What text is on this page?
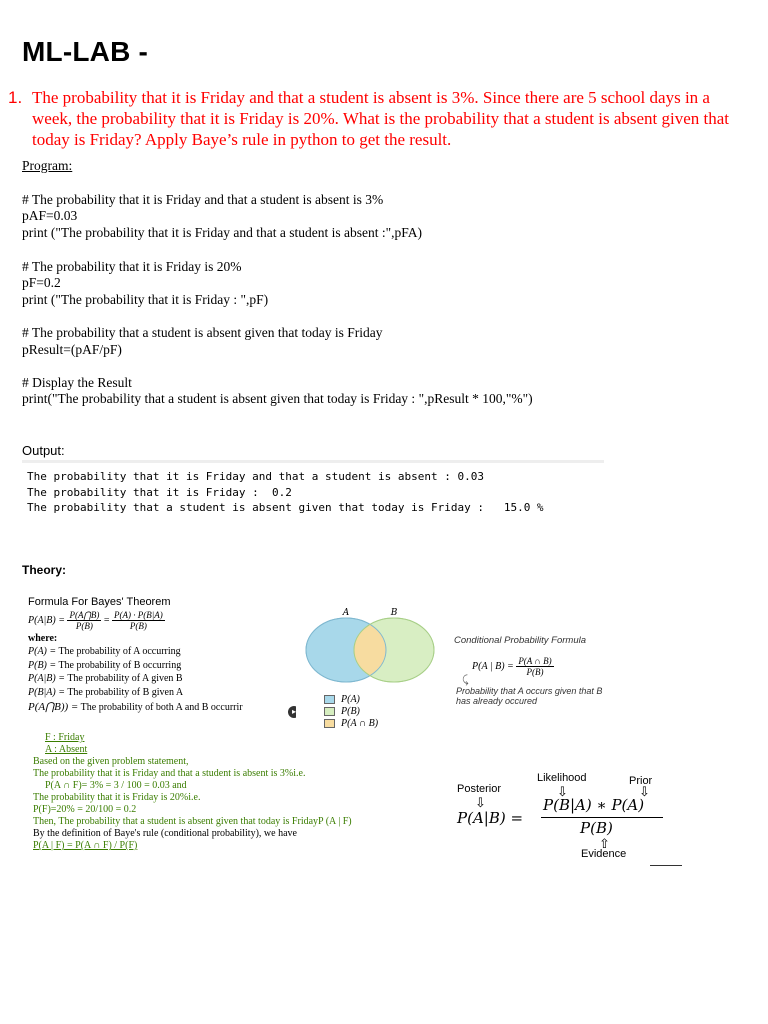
ML-LAB -
1. The probability that it is Friday and that a student is absent is 3%. Since there are 5 school days in a week, the probability that it is Friday is 20%. What is the probability that a student is absent given that today is Friday? Apply Baye’s rule in python to get the result.
Program:
# The probability that it is Friday and that a student is absent is 3%
pAF=0.03
print ("The probability that it is Friday and that a student is absent :",pFA)
# The probability that it is Friday is 20%
pF=0.2
print ("The probability that it is Friday : ",pF)
# The probability that a student is absent given that today is Friday
pResult=(pAF/pF)
# Display the Result
print("The probability that a student is absent given that today is Friday : ",pResult * 100,"%")
Output:
The probability that it is Friday and that a student is absent : 0.03
The probability that it is Friday :  0.2
The probability that a student is absent given that today is Friday :   15.0 %
Theory:
Formula For Bayes' Theorem
$P(A|B) = \frac{P(A⋂B)}{P(B)} = \frac{P(A) \cdot P(B|A)}{P(B)}$
where:
P(A) = The probability of A occurring
P(B) = The probability of B occurring
P(A|B) = The probability of A given B
P(B|A) = The probability of B given A
P(A⋂B)) = The probability of both A and B occurrir	▸
A	B
P(A)
P(B)
P(A ∩ B)
Conditional Probability Formula
P(A | $B) = \frac{P(A \cap B)}{P(B)}$
⤹
Probability that A occurs given that B has already occured
F : Friday
A : Absent
Based on the given problem statement,
The probability that it is Friday and that a student is absent is 3%i.e.
P(A ∩ F)= 3% = 3 / 100 = 0.03 and
The probability that it is Friday is 20%i.e.
P(F)=20% = 20/100 = 0.2
Then, The probability that a student is absent given that today is FridayP (A | F)
By the definition of Baye's rule (conditional probability), we have
P(A | F) = P(A ∩ F) / P(F)
Likelihood	Prior
Posterior	⇩	⇩
⇩
P(A|B) =
P(B|A) ∗ P(A)
P(B)
⇧
Evidence
